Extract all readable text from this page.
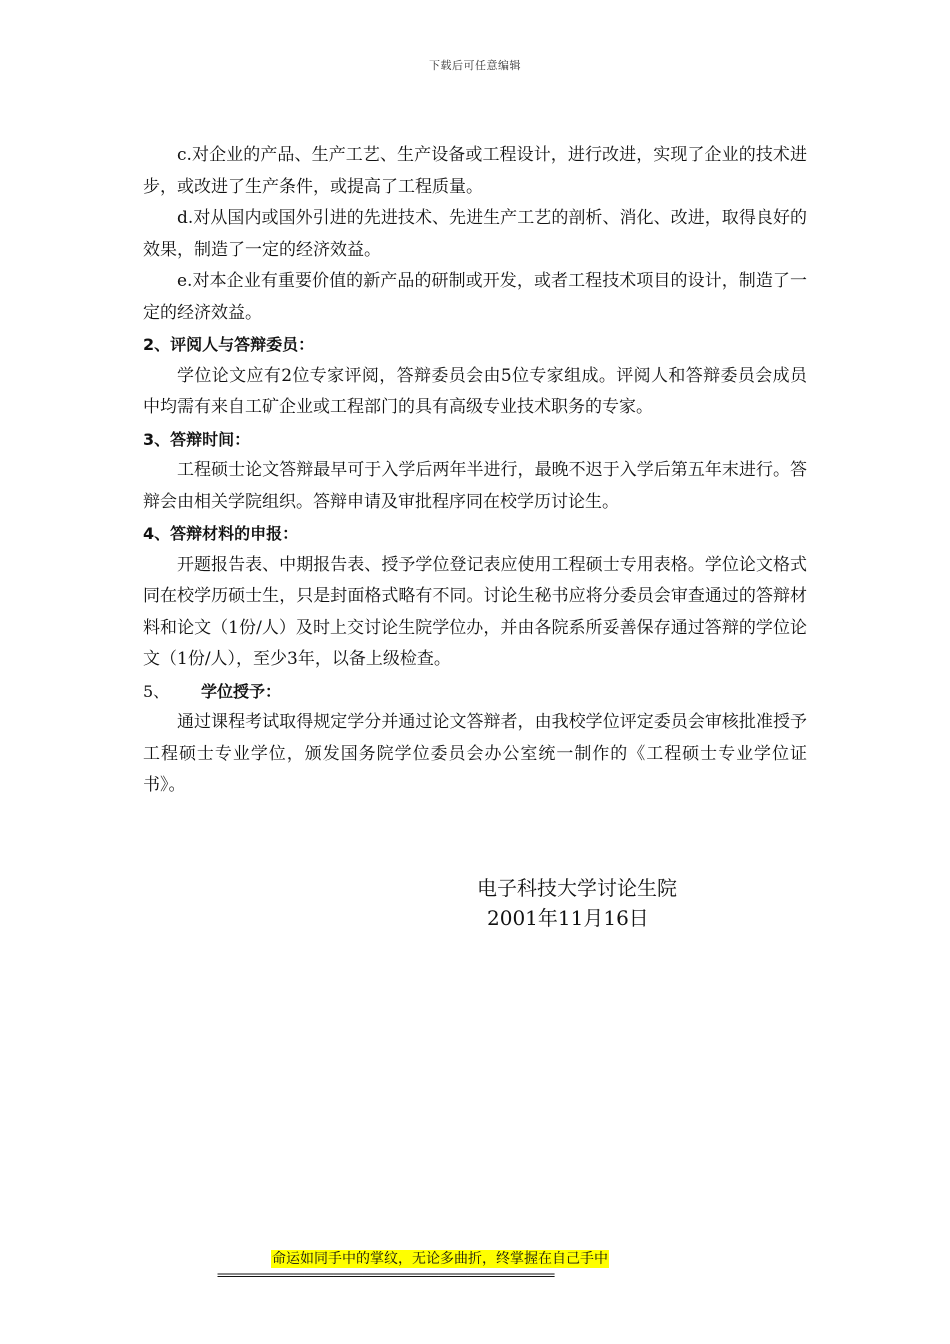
下载后可任意编辑

c.对企业的产品、生产工艺、生产设备或工程设计，进行改进，实现了企业的技术进步，或改进了生产条件，或提高了工程质量。

d.对从国内或国外引进的先进技术、先进生产工艺的剖析、消化、改进，取得良好的效果，制造了一定的经济效益。

e.对本企业有重要价值的新产品的研制或开发，或者工程技术项目的设计，制造了一定的经济效益。

2、评阅人与答辩委员：

学位论文应有2位专家评阅，答辩委员会由5位专家组成。评阅人和答辩委员会成员中均需有来自工矿企业或工程部门的具有高级专业技术职务的专家。

3、答辩时间：

工程硕士论文答辩最早可于入学后两年半进行，最晚不迟于入学后第五年末进行。答辩会由相关学院组织。答辩申请及审批程序同在校学历讨论生。

4、答辩材料的申报：

开题报告表、中期报告表、授予学位登记表应使用工程硕士专用表格。学位论文格式同在校学历硕士生，只是封面格式略有不同。讨论生秘书应将分委员会审查通过的答辩材料和论文（1份/人）及时上交讨论生院学位办，并由各院系所妥善保存通过答辩的学位论文（1份/人），至少3年，以备上级检查。

5、 学位授予：

通过课程考试取得规定学分并通过论文答辩者，由我校学位评定委员会审核批准授予工程硕士专业学位，颁发国务院学位委员会办公室统一制作的《工程硕士专业学位证书》。

电子科技大学讨论生院
2001年11月16日
命运如同手中的掌纹，无论多曲折，终掌握在自己手中
==========================================================
